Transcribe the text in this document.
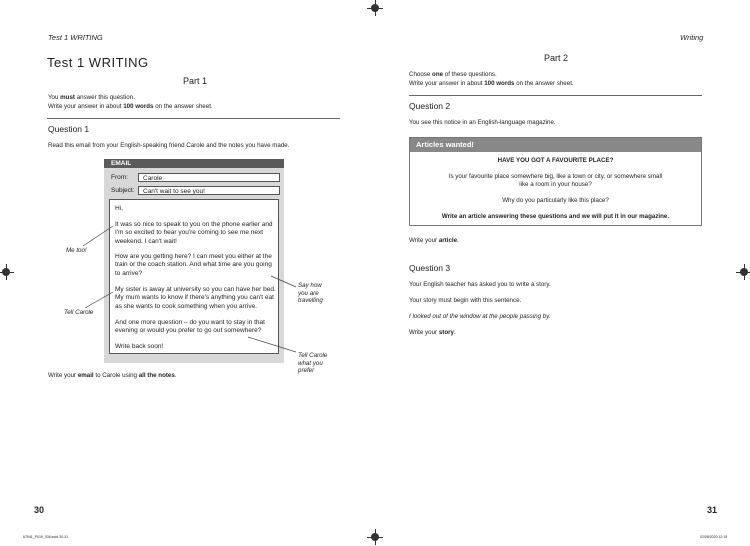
Test 1 WRITING	Writing
Test 1 WRITING
Part 1
You must answer this question.
Write your answer in about 100 words on the answer sheet.
Question 1
Read this email from your English-speaking friend Carole and the notes you have made.
EMAIL
From:	Carole
Subject:	Can't wait to see you!
Hi,
It was so nice to speak to you on the phone earlier and I'm so excited to hear you're coming to see me next weekend. I can't wait!
How are you getting here? I can meet you either at the train or the coach station. And what time are you going to arrive?
My sister is away at university so you can have her bed. My mum wants to know if there's anything you can't eat as she wants to cook something when you arrive.
And one more question – do you want to stay in that evening or would you prefer to go out somewhere?
Write back soon!
Me too!
Tell Carole
Say how you are travelling
Tell Carole what you prefer
Write your email to Carole using all the notes.
30
Part 2
Choose one of these questions.
Write your answer in about 100 words on the answer sheet.
Question 2
You see this notice in an English-language magazine.
Articles wanted!
HAVE YOU GOT A FAVOURITE PLACE?
Is your favourite place somewhere big, like a town or city, or somewhere small
like a room in your house?
Why do you particularly like this place?
Write an article answering these questions and we will put it in our magazine.
Write your article.
Question 3
Your English teacher has asked you to write a story.
Your story must begin with this sentence.
I looked out of the window at the people passing by.
Write your story.
31
67541_P019_036.indd 30-31	02/08/2020 12:15
